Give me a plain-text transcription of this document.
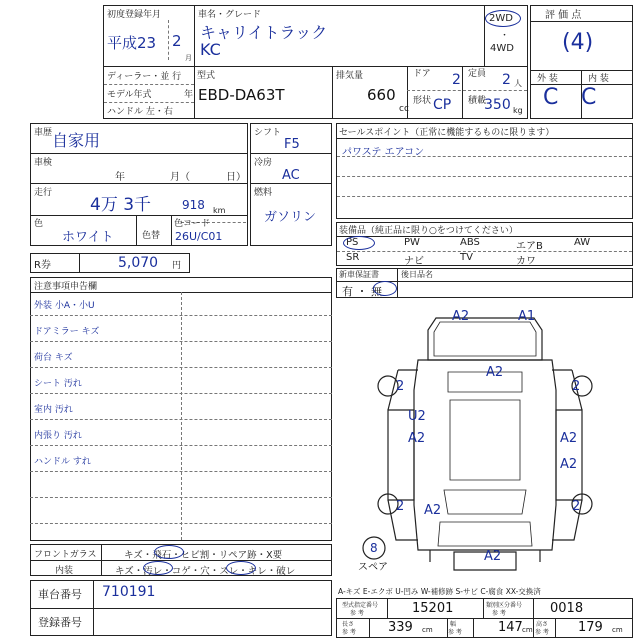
初度登録年月
平成23 2
月
車名・グレード
キャリイトラック
KC
2WD
・
4WD
ディーラー・並 行
モデル年式	年
ハンドル 左・右
型式
EBD-DA63T
排気量
660
cc
ドア 2
形状 CP
定員 2 人
積載
350 kg
評 価 点
(4)
外 装	内 装
C C
車歴 自家用
車検
年	月（	日）
走行
4万 3千	918 km
色
ホワイト	色替
色コード
26U/C01
シフト
F5
冷房
AC
燃料
ガソリン
セールスポイント（正常に機能するものに限ります）
パワステ エアコン
装備品（純正品に限り○をつけてください）
PS	PW	ABS	エアB	AW
SR	ナビ	TV	カワ
新車保証書	後日品名
有 ・ 無
R券	5,070 円
注意事項申告欄
外装 小A・小U
ドアミラー キズ
荷台 キズ
シート 汚れ
室内 汚れ
内張り 汚れ
ハンドル すれ
フロントガラス	キズ・飛石・ヒビ割・リペア跡・X要
内装	キズ・汚レ・コゲ・穴・スレ・キレ・破レ
車台番号 710191
登録番号
A2	A1
A2
2	2
U2
A2	A2
A2
2	2
A2
A2
8
スペア
A-キズ E-エクボ U-凹み W-補修跡 S-サビ C-腐食 XX-交換済
型式指定番号
参 考	15201	類別区分番号
参 考	0018
長さ
参 考 339 cm
幅
参 考	147 cm
高さ
参 考 179 cm
